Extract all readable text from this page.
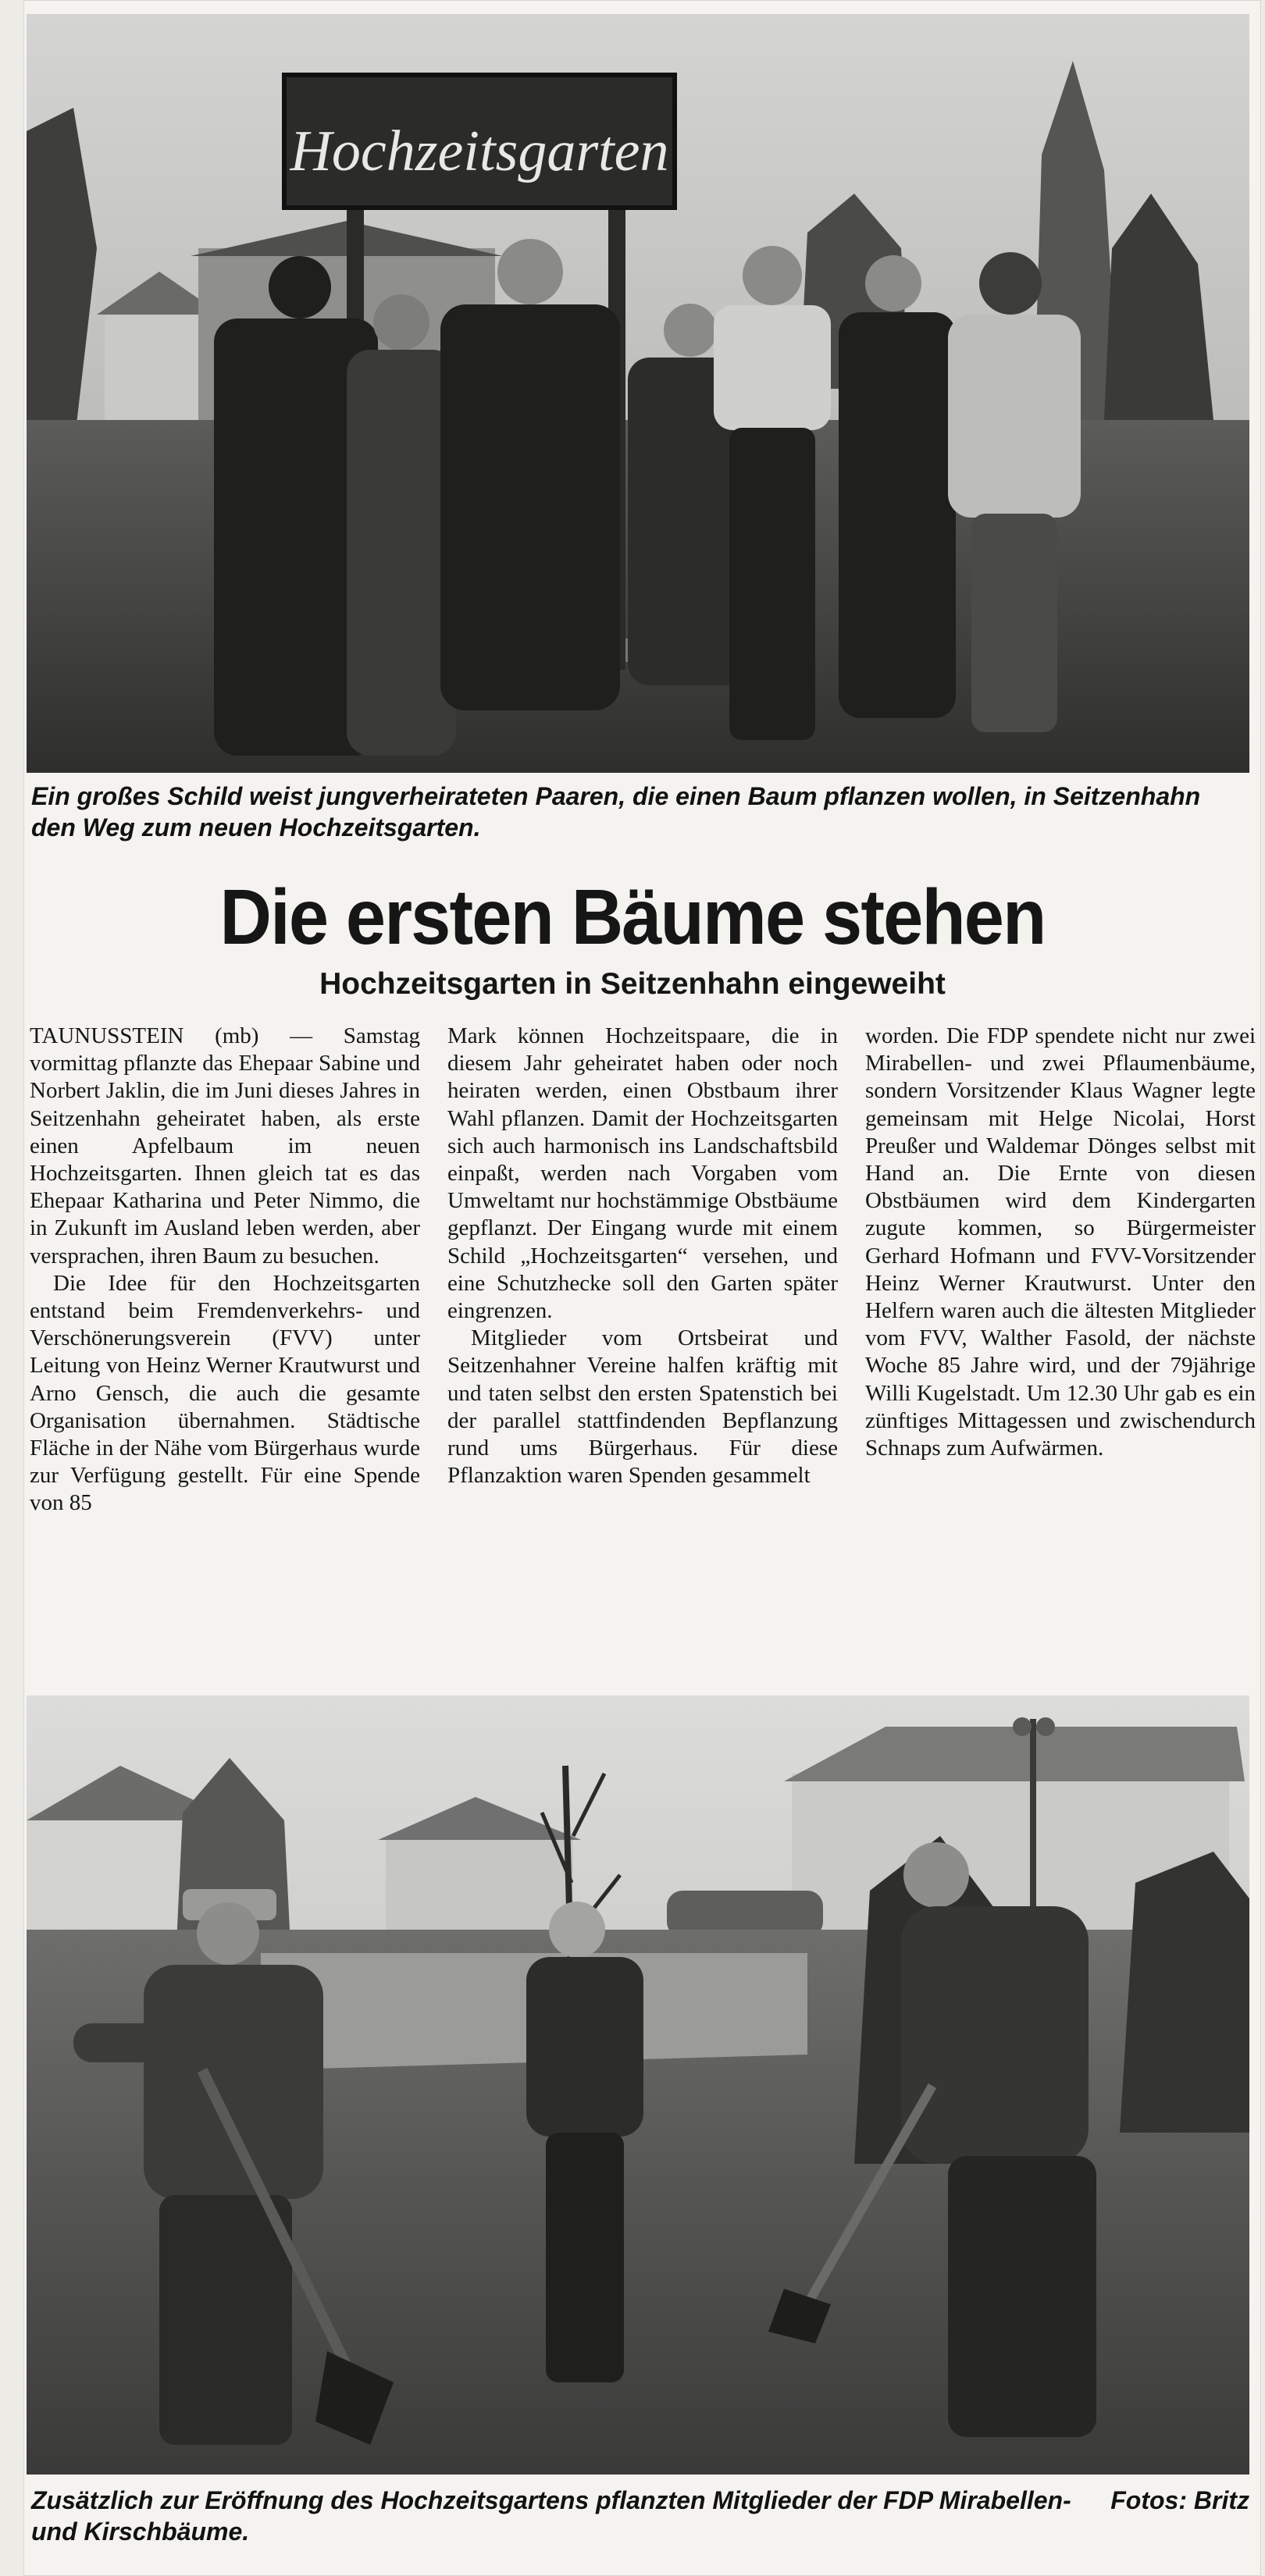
Hochzeitsgarten
Ein großes Schild weist jungverheirateten Paaren, die einen Baum pflanzen wollen, in Seitzenhahn den Weg zum neuen Hochzeitsgarten.
Die ersten Bäume stehen
Hochzeitsgarten in Seitzenhahn eingeweiht

TAUNUSSTEIN (mb) — Samstag vormittag pflanzte das Ehepaar Sabine und Norbert Jaklin, die im Juni dieses Jahres in Seitzenhahn geheiratet haben, als erste einen Apfelbaum im neuen Hochzeitsgarten. Ihnen gleich tat es das Ehepaar Katharina und Peter Nimmo, die in Zukunft im Ausland leben werden, aber versprachen, ihren Baum zu besuchen.

Die Idee für den Hochzeitsgarten entstand beim Fremdenverkehrs- und Verschönerungsverein (FVV) unter Leitung von Heinz Werner Krautwurst und Arno Gensch, die auch die gesamte Organisation übernahmen. Städtische Fläche in der Nähe vom Bürgerhaus wurde zur Verfügung gestellt. Für eine Spende von 85

Mark können Hochzeitspaare, die in diesem Jahr geheiratet haben oder noch heiraten werden, einen Obstbaum ihrer Wahl pflanzen. Damit der Hochzeitsgarten sich auch harmonisch ins Landschaftsbild einpaßt, werden nach Vorgaben vom Umweltamt nur hochstämmige Obstbäume gepflanzt. Der Eingang wurde mit einem Schild „Hochzeitsgarten“ versehen, und eine Schutzhecke soll den Garten später eingrenzen.

Mitglieder vom Ortsbeirat und Seitzenhahner Vereine halfen kräftig mit und taten selbst den ersten Spatenstich bei der parallel stattfindenden Bepflanzung rund ums Bürgerhaus. Für diese Pflanzaktion waren Spenden gesammelt

worden. Die FDP spendete nicht nur zwei Mirabellen- und zwei Pflaumenbäume, sondern Vorsitzender Klaus Wagner legte gemeinsam mit Helge Nicolai, Horst Preußer und Waldemar Dönges selbst mit Hand an. Die Ernte von diesen Obstbäumen wird dem Kindergarten zugute kommen, so Bürgermeister Gerhard Hofmann und FVV-Vorsitzender Heinz Werner Krautwurst. Unter den Helfern waren auch die ältesten Mitglieder vom FVV, Walther Fasold, der nächste Woche 85 Jahre wird, und der 79jährige Willi Kugelstadt. Um 12.30 Uhr gab es ein zünftiges Mittagessen und zwischendurch Schnaps zum Aufwärmen.

Fotos: Britz
Zusätzlich zur Eröffnung des Hochzeitsgartens pflanzten Mitglieder der FDP Mirabellen- und Kirschbäume.
